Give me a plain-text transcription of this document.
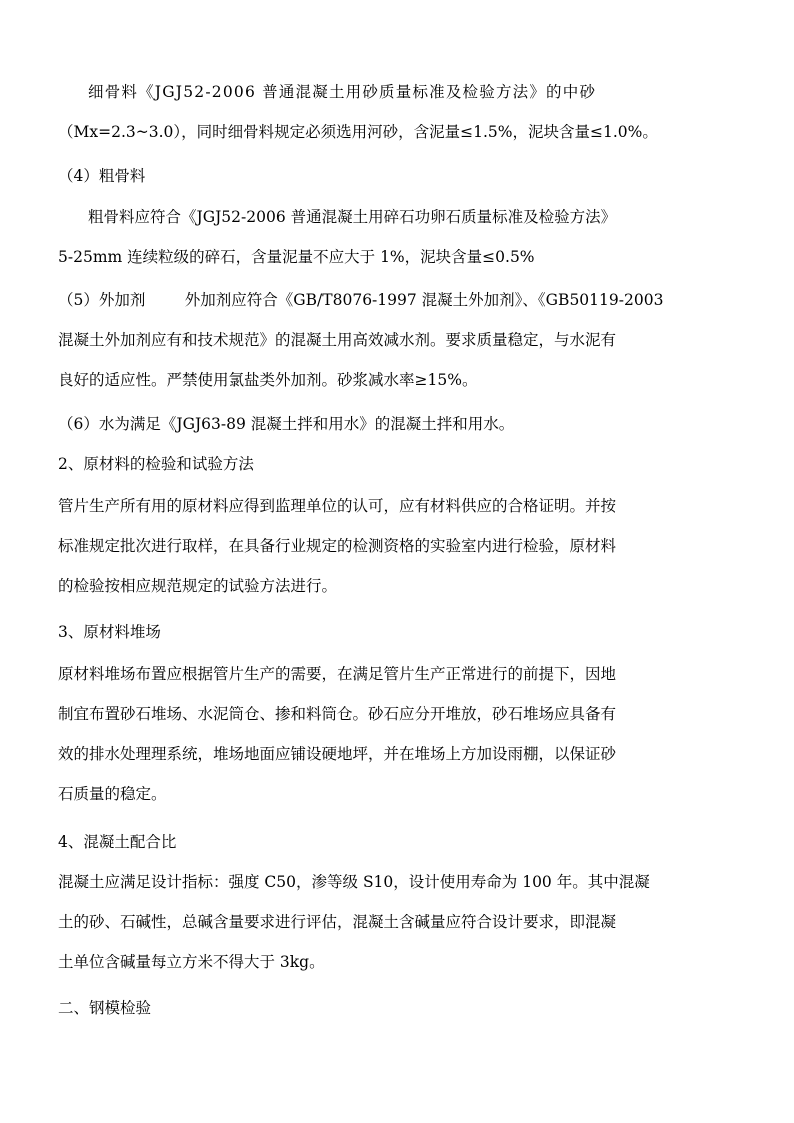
细骨料《JGJ52-2006 普通混凝土用砂质量标准及检验方法》的中砂

（Mx=2.3~3.0），同时细骨料规定必须选用河砂，含泥量≤1.5%，泥块含量≤1.0%。

（4）粗骨料

粗骨料应符合《JGJ52-2006 普通混凝土用碎石功卵石质量标准及检验方法》

5-25mm 连续粒级的碎石，含量泥量不应大于 1%，泥块含量≤0.5%

（5）外加剂        外加剂应符合《GB/T8076-1997 混凝土外加剂》、《GB50119-2003

混凝土外加剂应有和技术规范》的混凝土用高效减水剂。要求质量稳定，与水泥有

良好的适应性。严禁使用氯盐类外加剂。砂浆减水率≥15%。

（6）水为满足《JGJ63-89 混凝土拌和用水》的混凝土拌和用水。

2、原材料的检验和试验方法

管片生产所有用的原材料应得到监理单位的认可，应有材料供应的合格证明。并按

标准规定批次进行取样，在具备行业规定的检测资格的实验室内进行检验，原材料

的检验按相应规范规定的试验方法进行。

3、原材料堆场

原材料堆场布置应根据管片生产的需要，在满足管片生产正常进行的前提下，因地

制宜布置砂石堆场、水泥筒仓、掺和料筒仓。砂石应分开堆放，砂石堆场应具备有

效的排水处理理系统，堆场地面应铺设硬地坪，并在堆场上方加设雨棚，以保证砂

石质量的稳定。

4、混凝土配合比

混凝土应满足设计指标：强度 C50，渗等级 S10，设计使用寿命为 100 年。其中混凝

土的砂、石碱性，总碱含量要求进行评估，混凝土含碱量应符合设计要求，即混凝

土单位含碱量每立方米不得大于 3kg。

二、钢模检验
